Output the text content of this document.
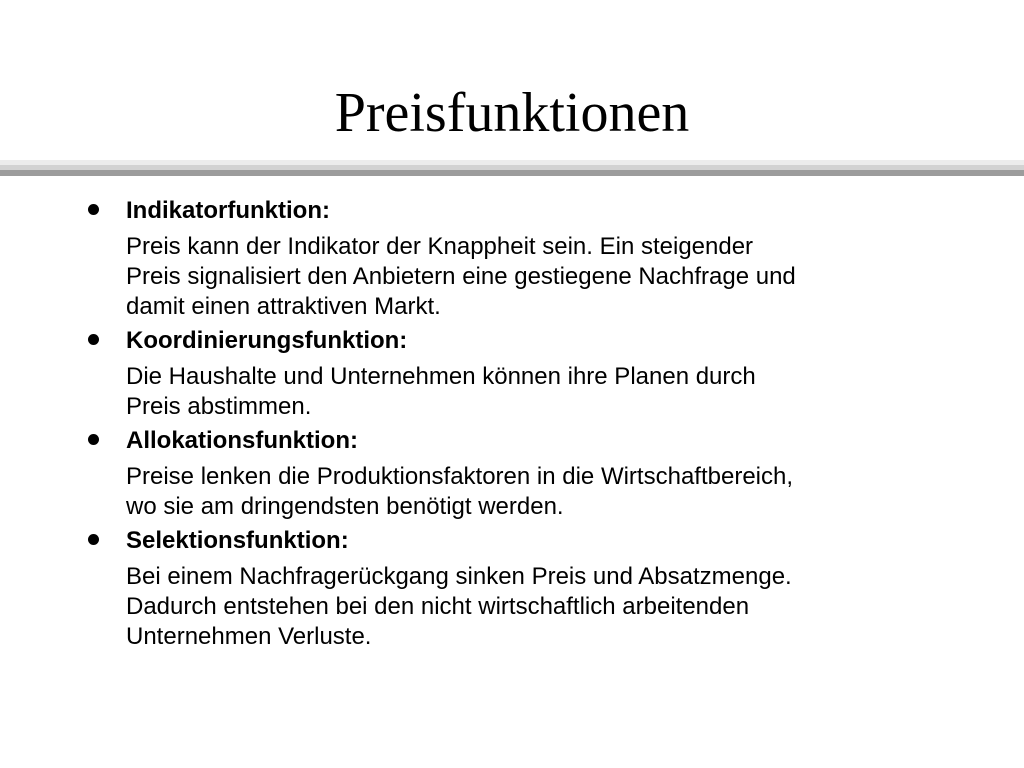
Preisfunktionen
Indikatorfunktion:
Preis kann der Indikator der Knappheit sein. Ein steigender
Preis signalisiert den Anbietern eine gestiegene Nachfrage und
damit einen attraktiven Markt.
Koordinierungsfunktion:
Die Haushalte und Unternehmen können ihre Planen durch
Preis abstimmen.
Allokationsfunktion:
Preise lenken die Produktionsfaktoren in die Wirtschaftbereich,
wo sie am dringendsten benötigt werden.
Selektionsfunktion:
Bei einem Nachfragerückgang sinken Preis und Absatzmenge.
Dadurch entstehen bei den nicht wirtschaftlich arbeitenden
Unternehmen Verluste.
